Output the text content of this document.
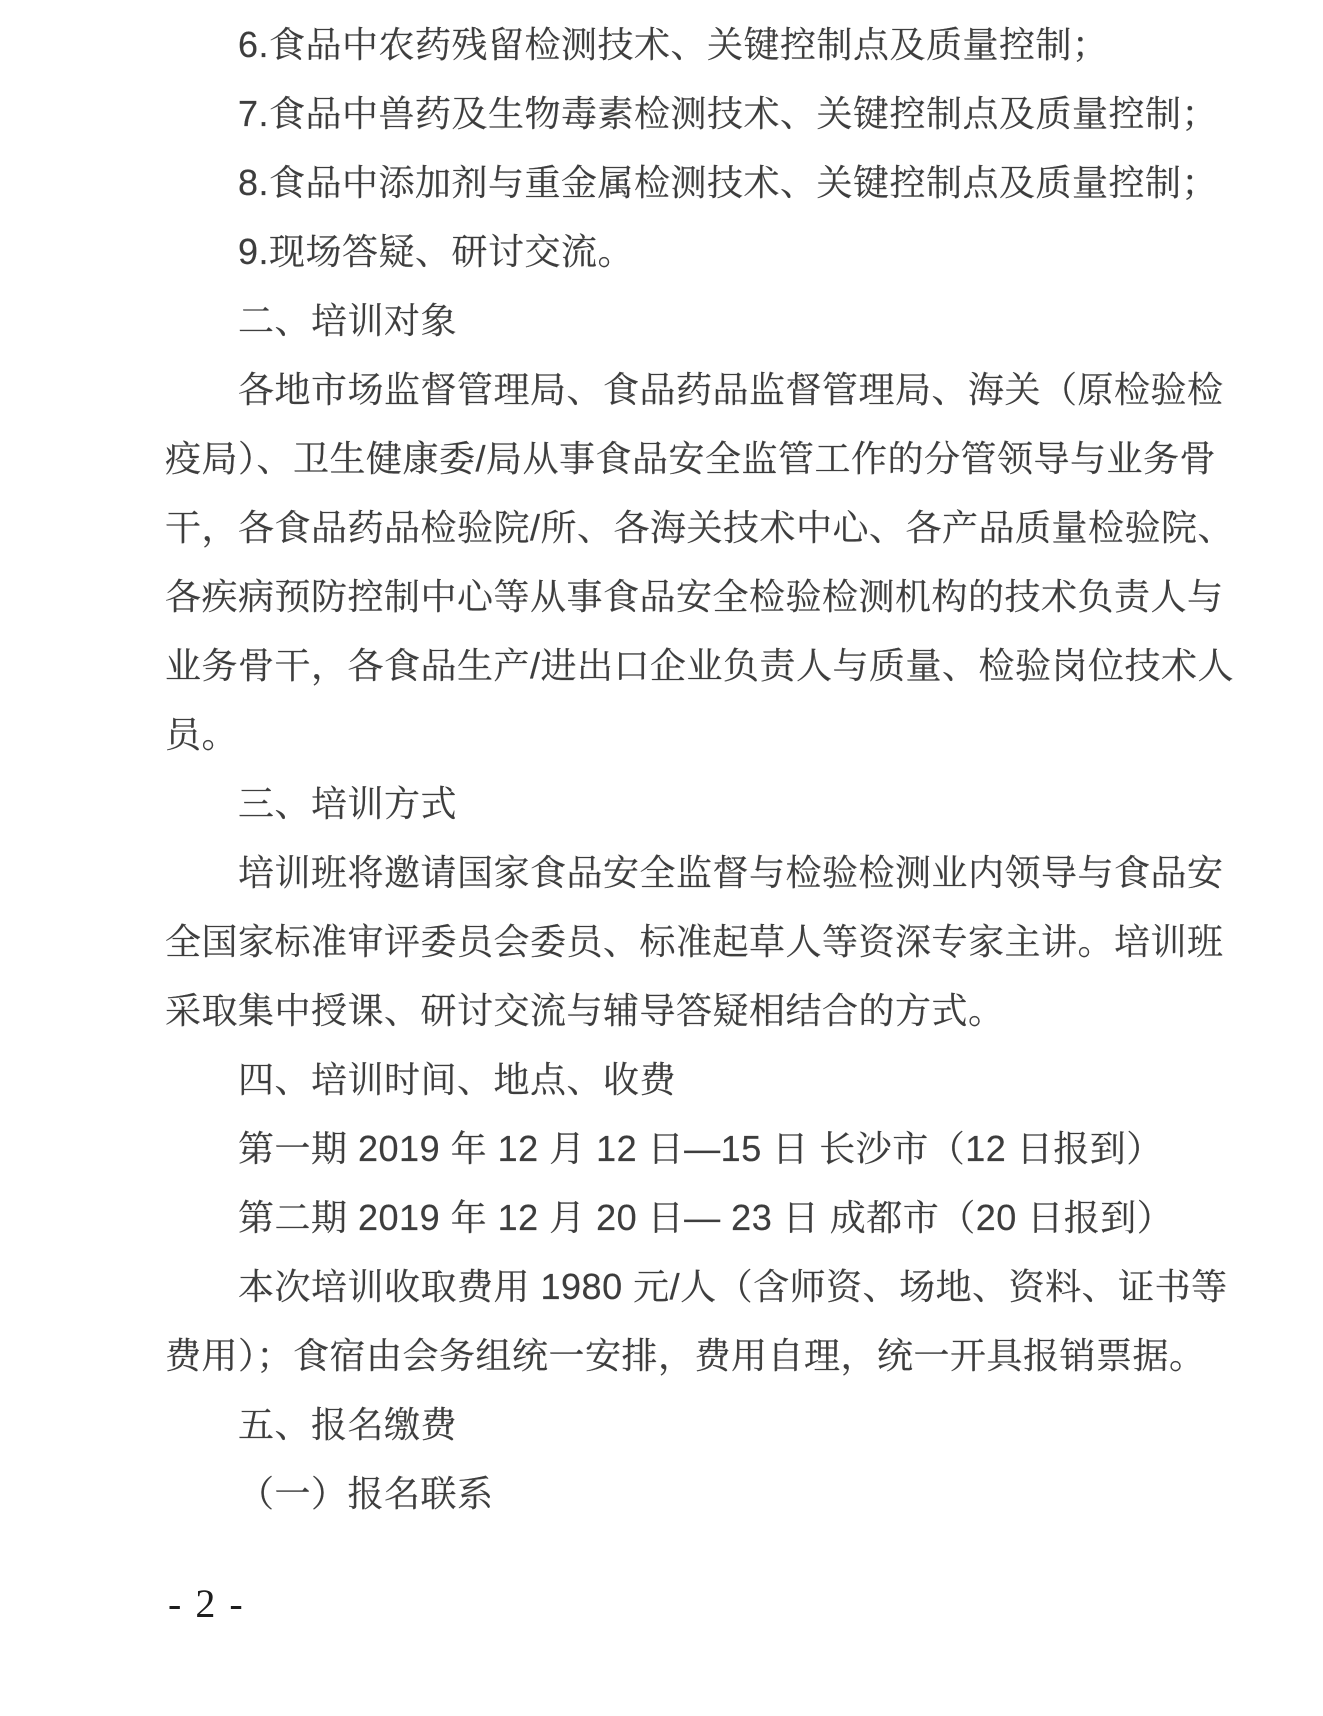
6.食品中农药残留检测技术、关键控制点及质量控制；
7.食品中兽药及生物毒素检测技术、关键控制点及质量控制；
8.食品中添加剂与重金属检测技术、关键控制点及质量控制；
9.现场答疑、研讨交流。
二、培训对象
各地市场监督管理局、食品药品监督管理局、海关（原检验检
疫局）、卫生健康委/局从事食品安全监管工作的分管领导与业务骨
干，各食品药品检验院/所、各海关技术中心、各产品质量检验院、
各疾病预防控制中心等从事食品安全检验检测机构的技术负责人与
业务骨干，各食品生产/进出口企业负责人与质量、检验岗位技术人
员。
三、培训方式
培训班将邀请国家食品安全监督与检验检测业内领导与食品安
全国家标准审评委员会委员、标准起草人等资深专家主讲。培训班
采取集中授课、研讨交流与辅导答疑相结合的方式。
四、培训时间、地点、收费
第一期 2019 年 12 月 12 日—15 日 长沙市（12 日报到）
第二期 2019 年 12 月 20 日— 23 日 成都市（20 日报到）
本次培训收取费用 1980 元/人（含师资、场地、资料、证书等
费用）；食宿由会务组统一安排，费用自理，统一开具报销票据。
五、报名缴费
（一）报名联系
- 2 -
